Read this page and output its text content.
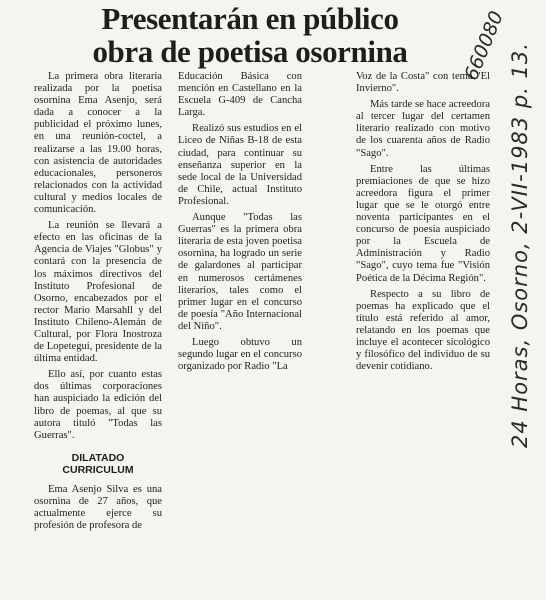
Presentarán en público
obra de poetisa osornina	660080 24 Horas, Osorno, 2-VII-1983 p. 13.

La primera obra literaria realizada por la poetisa osornina Ema Asenjo, será dada a conocer a la publicidad el próximo lunes, en una reunión-coctel, a realizarse a las 19.00 horas, con asistencia de autoridades educacionales, personeros relacionados con la actividad cultural y medios locales de comunicación.

La reunión se llevará a efecto en las oficinas de la Agencia de Viajes "Globus" y contará con la presencia de los máximos directivos del Instituto Profesional de Osorno, encabezados por el rector Mario Marsahll y del Instituto Chileno-Alemán de Cultural, por Flora Inostroza de Lopetegui, presidente de la última entidad.

Ello así, por cuanto estas dos últimas corporaciones han auspiciado la edición del libro de poemas, al que su autora tituló "Todas las Guerras".

DILATADO
CURRICULUM

Ema Asenjo Silva es una osornina de 27 años, que actualmente ejerce su profesión de profesora de

Educación Básica con mención en Castellano en la Escuela G-409 de Cancha Larga.

Realizó sus estudios en el Liceo de Niñas B-18 de esta ciudad, para continuar su enseñanza superior en la sede local de la Universidad de Chile, actual Instituto Profesional.

Aunque "Todas las Guerras" es la primera obra literaria de esta joven poetisa osornina, ha logrado un serie de galardones al participar en numerosos certámenes literarios, tales como el primer lugar en el concurso de poesía "Año Internacional del Niño".

Luego obtuvo un segundo lugar en el concurso organizado por Radio "La

Voz de la Costa" con tema "El Invierno".

Más tarde se hace acreedora al tercer lugar del certamen literario realizado con motivo de los cuarenta años de Radio "Sago".

Entre las últimas premiaciones de que se hizo acreedora figura el primer lugar que se le otorgó entre noventa participantes en el concurso de poesía auspiciado por la Escuela de Administración y Radio "Sago", cuyo tema fue "Visión Poética de la Décima Región".

Respecto a su libro de poemas ha explicado que el título está referido al amor, relatando en los poemas que incluye el acontecer sicológico y filosófico del individuo de su devenir cotidiano.
